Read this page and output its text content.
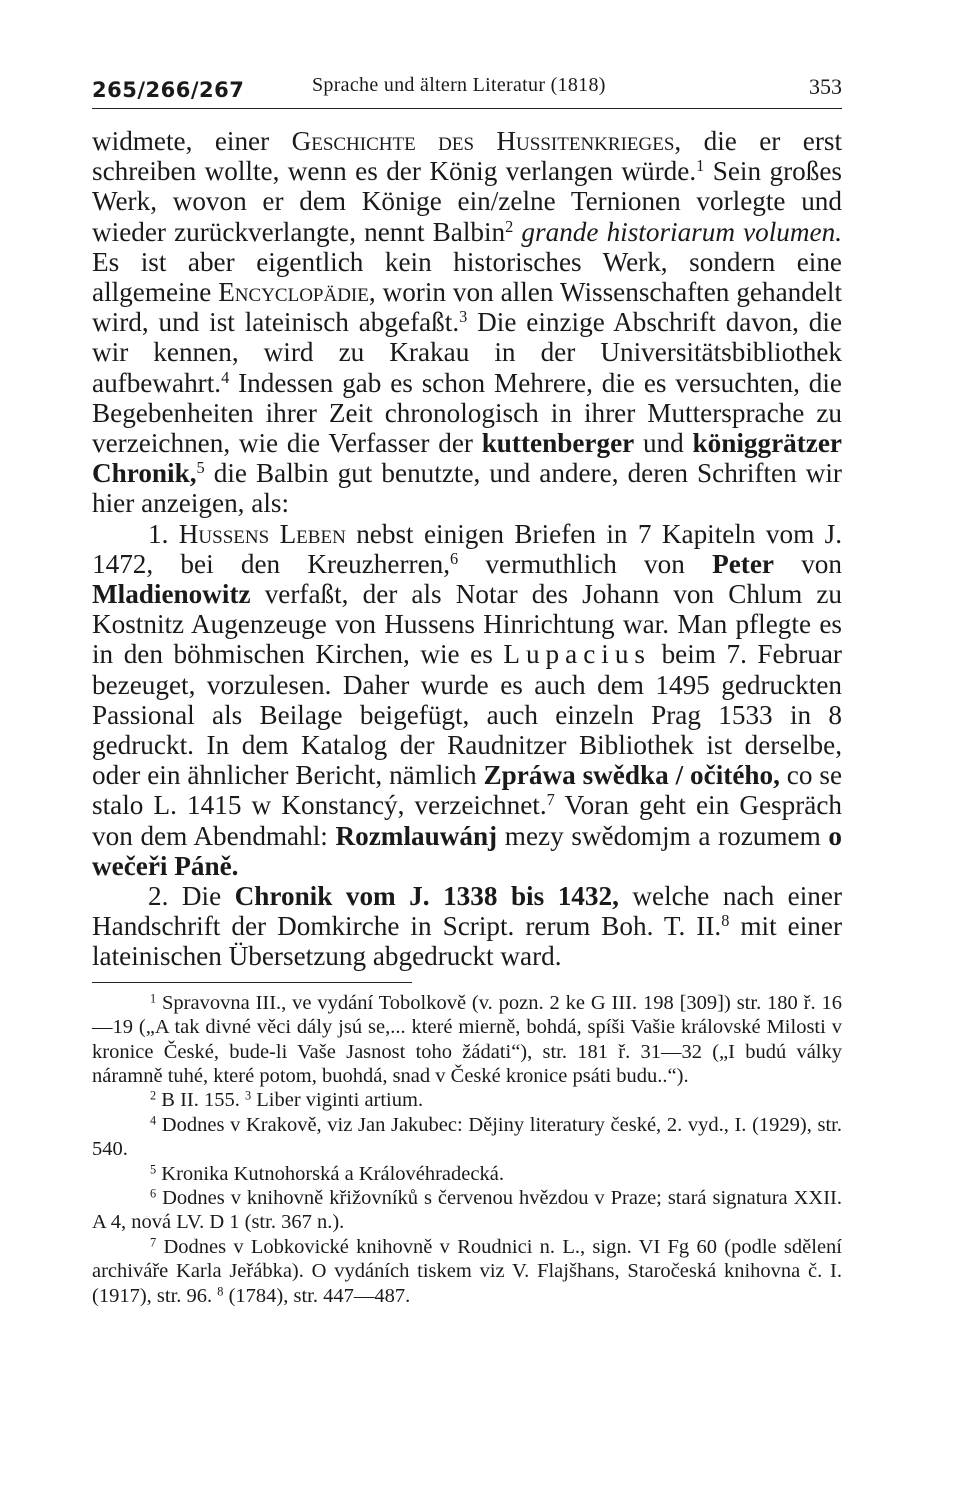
265/266/267	Sprache und ältern Literatur (1818)	353

widmete, einer Geschichte des Hussitenkrieges, die er erst schreiben wollte, wenn es der König verlangen würde.$^1$ Sein großes Werk, wovon er dem Könige ein/zelne Ternionen vorlegte und wieder zurückverlangte, nennt Balbin$^2$ grande historiarum volumen. Es ist aber eigentlich kein historisches Werk, sondern eine allgemeine Encyclopädie, worin von allen Wissenschaften gehandelt wird, und ist lateinisch abgefaßt.$^3$ Die einzige Abschrift davon, die wir kennen, wird zu Krakau in der Universitätsbibliothek aufbewahrt.$^4$ Indessen gab es schon Mehrere, die es versuchten, die Begebenheiten ihrer Zeit chronologisch in ihrer Muttersprache zu verzeichnen, wie die Verfasser der kuttenberger und königgrätzer Chronik,$^5$ die Balbin gut benutzte, und andere, deren Schriften wir hier anzeigen, als:

1. Hussens Leben nebst einigen Briefen in 7 Kapiteln vom J. 1472, bei den Kreuzherren,$^6$ vermuthlich von Peter von Mladienowitz verfaßt, der als Notar des Johann von Chlum zu Kostnitz Augenzeuge von Hussens Hinrichtung war. Man pflegte es in den böhmischen Kirchen, wie es Lupacius beim 7. Februar bezeuget, vorzulesen. Daher wurde es auch dem 1495 gedruckten Passional als Beilage beigefügt, auch einzeln Prag 1533 in 8 gedruckt. In dem Katalog der Raudnitzer Bibliothek ist derselbe, oder ein ähnlicher Bericht, nämlich Zpráwa swědka / očitého, co se stalo L. 1415 w Konstancý, verzeichnet.$^7$ Voran geht ein Gespräch von dem Abendmahl: Rozmlauwánj mezy swědomjm a rozumem o wečeři Páně.

2. Die Chronik vom J. 1338 bis 1432, welche nach einer Handschrift der Domkirche in Script. rerum Boh. T. II.$^8$ mit einer lateinischen Übersetzung abgedruckt ward.

$^1$ Spravovna III., ve vydání Tobolkově (v. pozn. 2 ke G III. 198 [309]) str. 180 ř. 16—19 („A tak divné věci dály jsú se,... které mierně, bohdá, spíši Vašie královské Milosti v kronice České, bude-li Vaše Jasnost toho žádati“), str. 181 ř. 31—32 („I budú války náramně tuhé, které potom, buohdá, snad v České kronice psáti budu..“).

$^2$ B II. 155. $^3$ Liber viginti artium.

$^4$ Dodnes v Krakově, viz Jan Jakubec: Dějiny literatury české, 2. vyd., I. (1929), str. 540.

$^5$ Kronika Kutnohorská a Královéhradecká.

$^6$ Dodnes v knihovně křižovníků s červenou hvězdou v Praze; stará signatura XXII. A 4, nová LV. D 1 (str. 367 n.).

$^7$ Dodnes v Lobkovické knihovně v Roudnici n. L., sign. VI Fg 60 (podle sdělení archiváře Karla Jeřábka). O vydáních tiskem viz V. Flajšhans, Staročeská knihovna č. I. (1917), str. 96. $^8$ (1784), str. 447—487.
